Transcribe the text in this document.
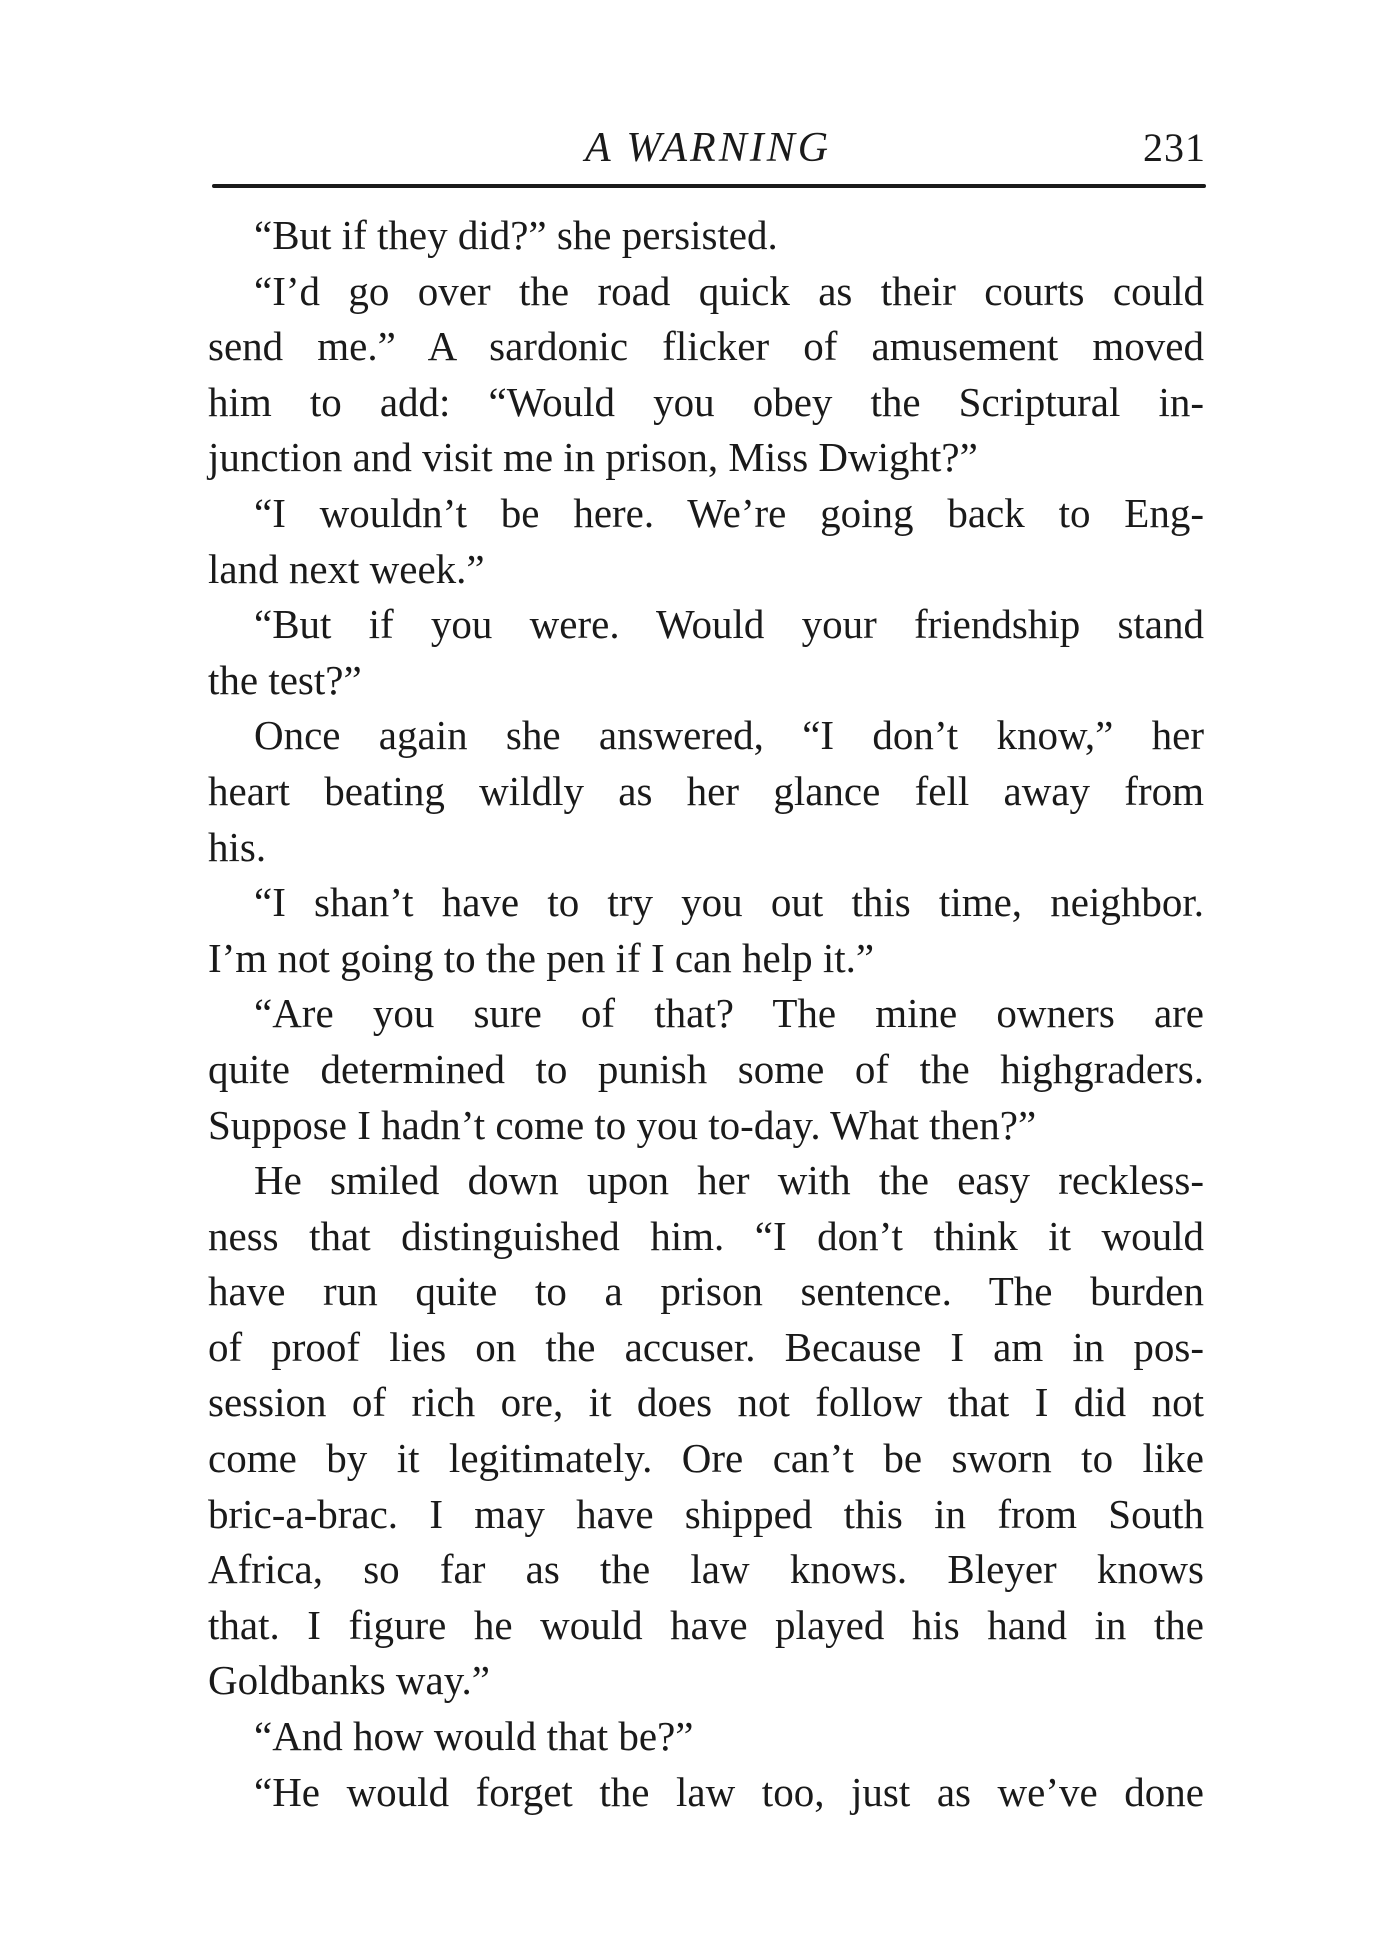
A WARNING	231
“But if they did?” she persisted.
“I’d go over the road quick as their courts could
send me.” A sardonic flicker of amusement moved
him to add: “Would you obey the Scriptural in-
junction and visit me in prison, Miss Dwight?”
“I wouldn’t be here. We’re going back to Eng-
land next week.”
“But if you were. Would your friendship stand
the test?”
Once again she answered, “I don’t know,” her
heart beating wildly as her glance fell away from
his.
“I shan’t have to try you out this time, neighbor.
I’m not going to the pen if I can help it.”
“Are you sure of that? The mine owners are
quite determined to punish some of the highgraders.
Suppose I hadn’t come to you to-day. What then?”
He smiled down upon her with the easy reckless-
ness that distinguished him. “I don’t think it would
have run quite to a prison sentence. The burden
of proof lies on the accuser. Because I am in pos-
session of rich ore, it does not follow that I did not
come by it legitimately. Ore can’t be sworn to like
bric-a-brac. I may have shipped this in from South
Africa, so far as the law knows. Bleyer knows
that. I figure he would have played his hand in the
Goldbanks way.”
“And how would that be?”
“He would forget the law too, just as we’ve done
